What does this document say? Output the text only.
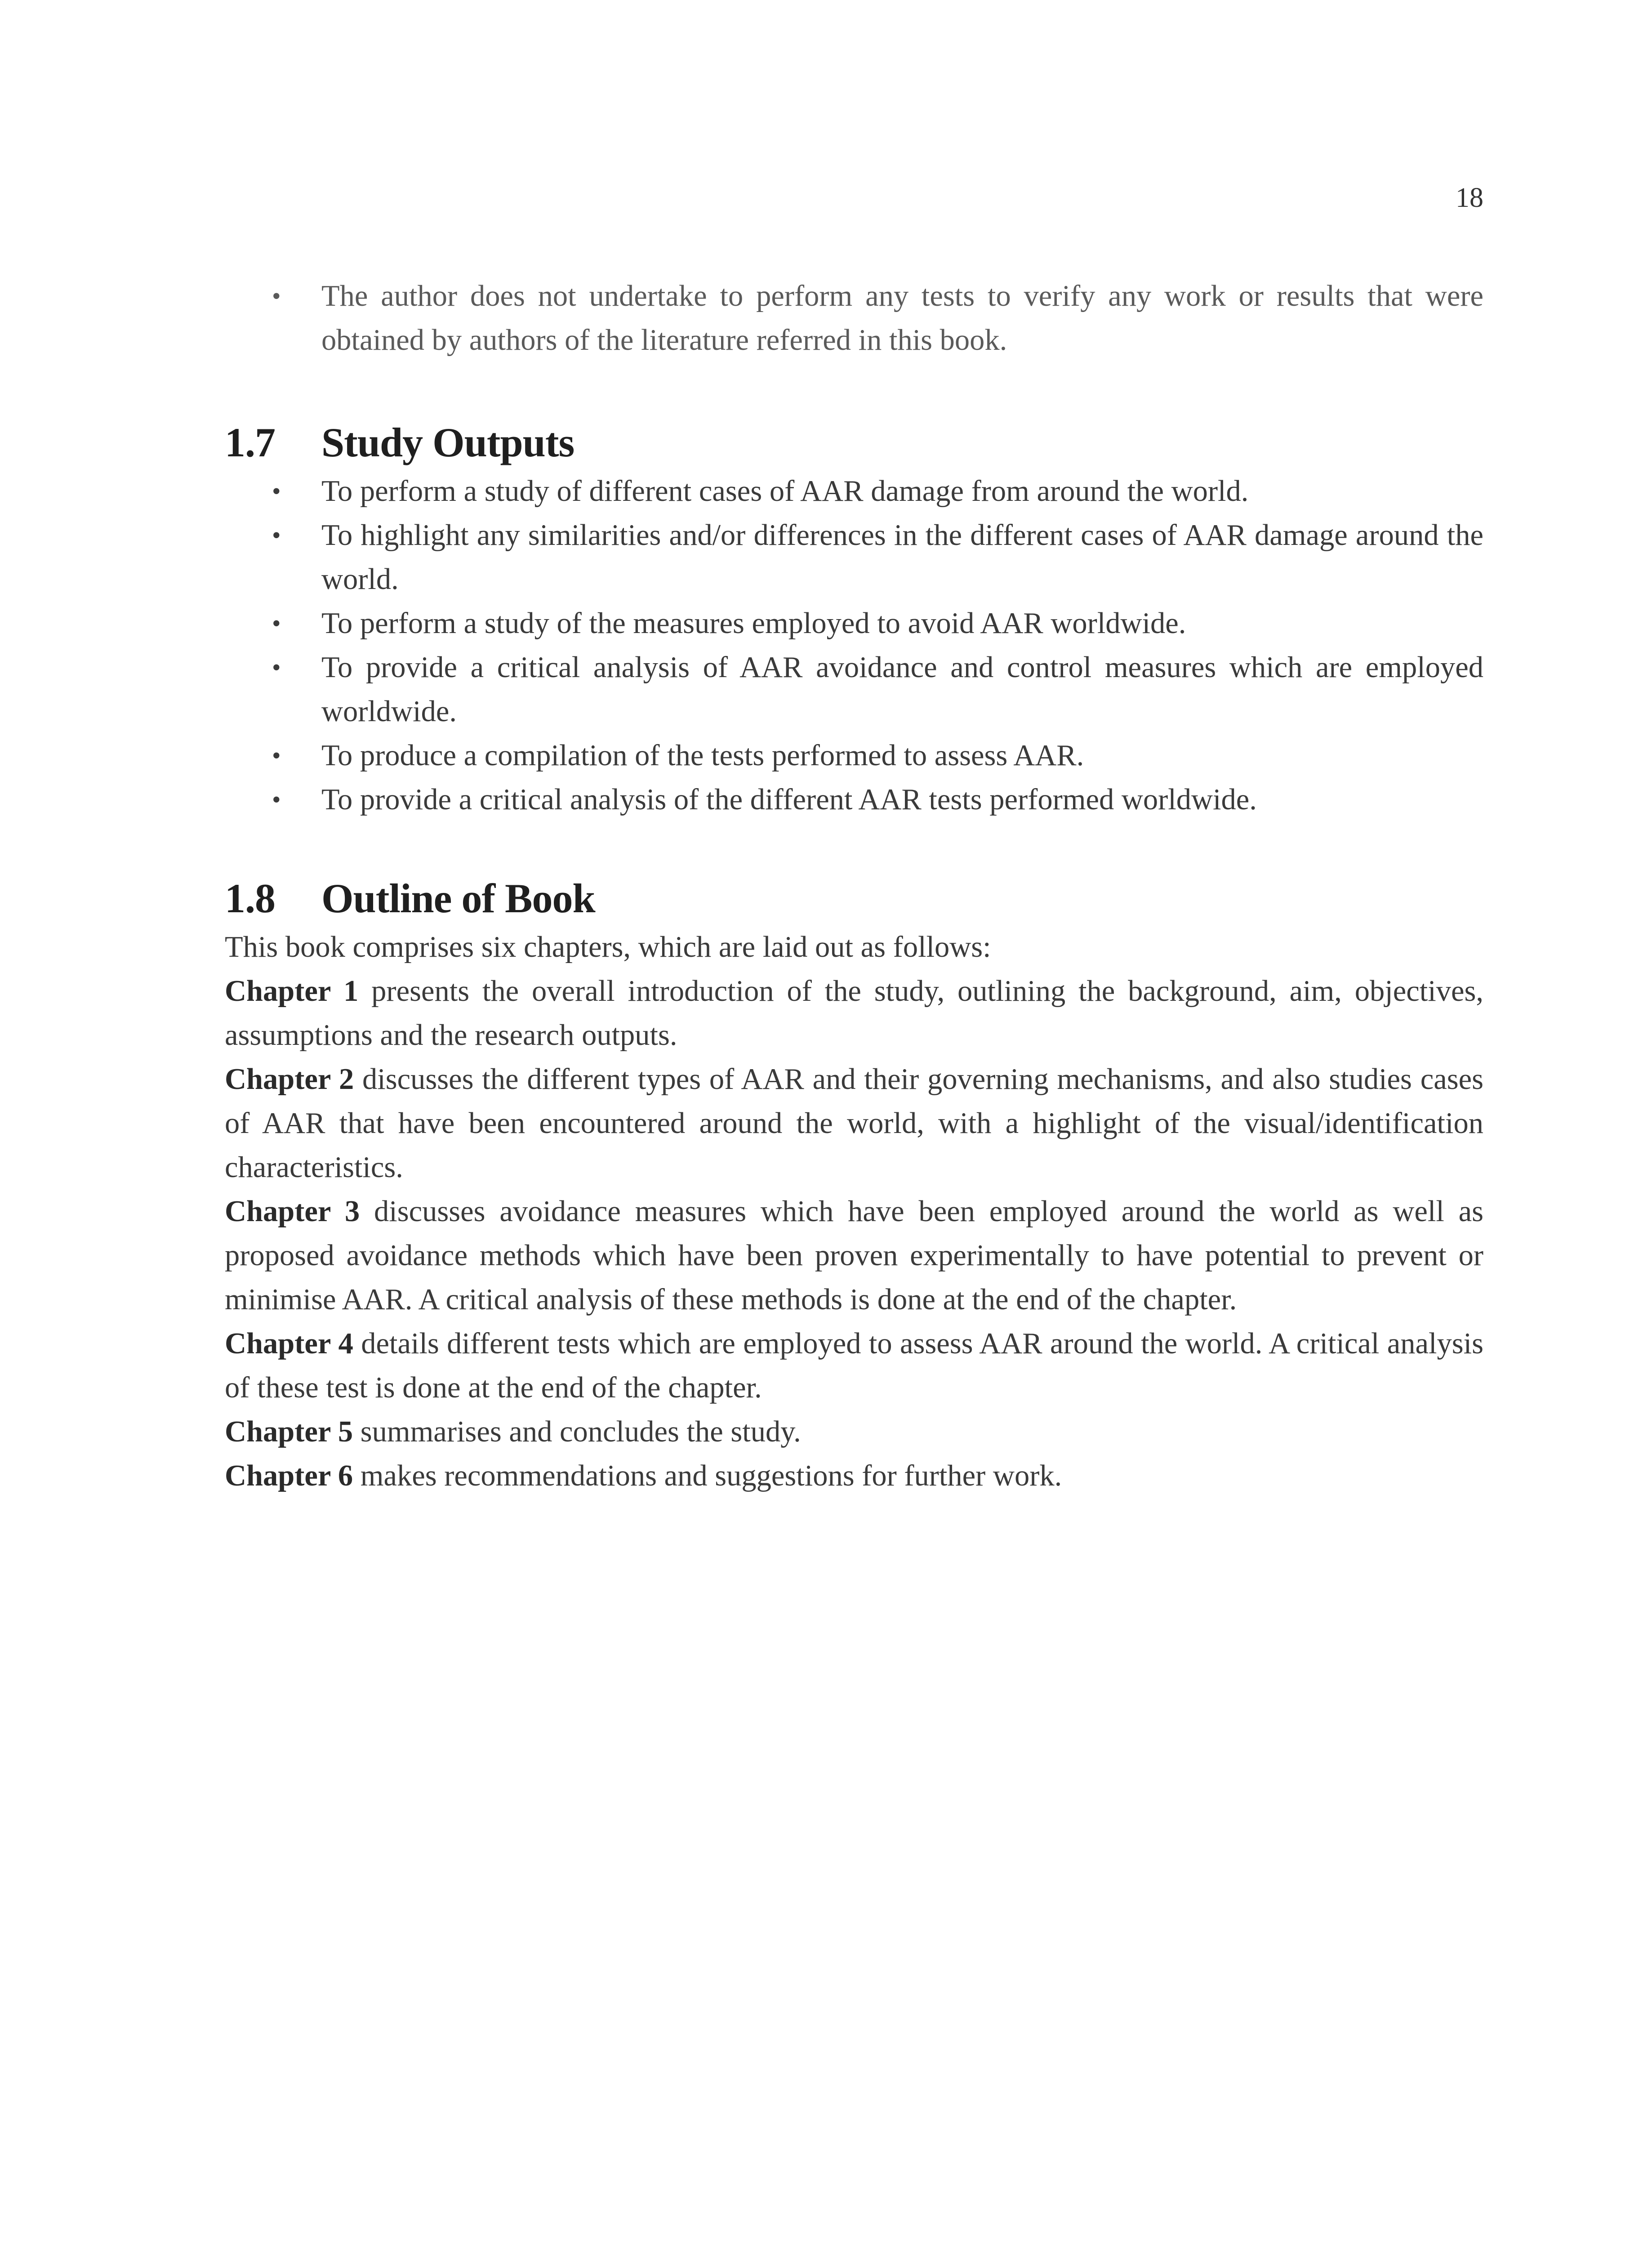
18
• The author does not undertake to perform any tests to verify any work or results that were obtained by authors of the literature referred in this book.
1.7	Study Outputs
• To perform a study of different cases of AAR damage from around the world.
• To highlight any similarities and/or differences in the different cases of AAR damage around the world.
• To perform a study of the measures employed to avoid AAR worldwide.
• To provide a critical analysis of AAR avoidance and control measures which are employed worldwide.
• To produce a compilation of the tests performed to assess AAR.
• To provide a critical analysis of the different AAR tests performed worldwide.
1.8	Outline of Book

This book comprises six chapters, which are laid out as follows:

Chapter 1 presents the overall introduction of the study, outlining the background, aim, objectives, assumptions and the research outputs.

Chapter 2 discusses the different types of AAR and their governing mechanisms, and also studies cases of AAR that have been encountered around the world, with a highlight of the visual/identification characteristics.

Chapter 3 discusses avoidance measures which have been employed around the world as well as proposed avoidance methods which have been proven experimentally to have potential to prevent or minimise AAR. A critical analysis of these methods is done at the end of the chapter.

Chapter 4 details different tests which are employed to assess AAR around the world. A critical analysis of these test is done at the end of the chapter.

Chapter 5 summarises and concludes the study.

Chapter 6 makes recommendations and suggestions for further work.
